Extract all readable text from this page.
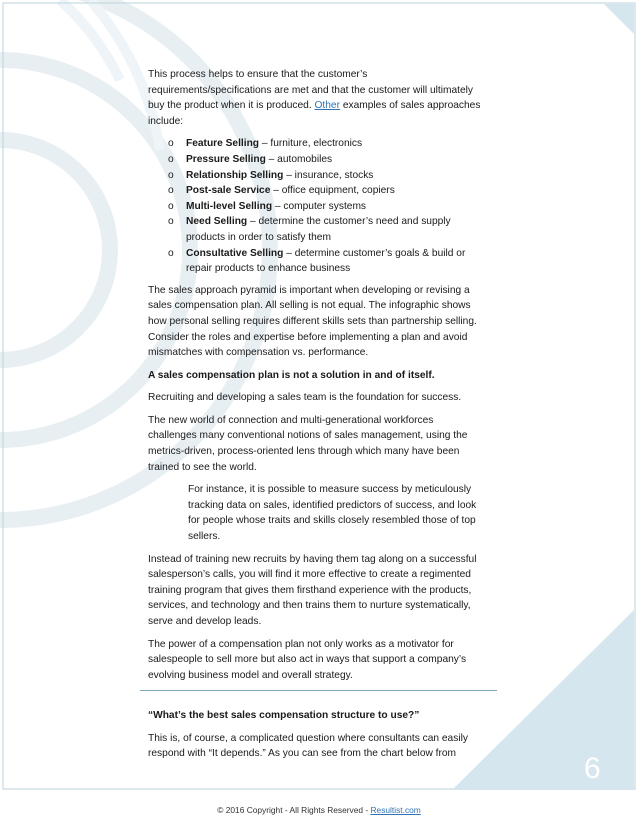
This process helps to ensure that the customer’s requirements/specifications are met and that the customer will ultimately buy the product when it is produced. Other examples of sales approaches include:

o Feature Selling – furniture, electronics
o Pressure Selling – automobiles
o Relationship Selling – insurance, stocks
o Post-sale Service – office equipment, copiers
o Multi-level Selling – computer systems
o Need Selling – determine the customer’s need and supply products in order to satisfy them
o Consultative Selling – determine customer’s goals & build or repair products to enhance business

The sales approach pyramid is important when developing or revising a sales compensation plan. All selling is not equal. The infographic shows how personal selling requires different skills sets than partnership selling. Consider the roles and expertise before implementing a plan and avoid mismatches with compensation vs. performance.

A sales compensation plan is not a solution in and of itself.

Recruiting and developing a sales team is the foundation for success.

The new world of connection and multi-generational workforces challenges many conventional notions of sales management, using the metrics-driven, process-oriented lens through which many have been trained to see the world.

For instance, it is possible to measure success by meticulously tracking data on sales, identified predictors of success, and look for people whose traits and skills closely resembled those of top sellers.

Instead of training new recruits by having them tag along on a successful salesperson’s calls, you will find it more effective to create a regimented training program that gives them firsthand experience with the products, services, and technology and then trains them to nurture systematically, serve and develop leads.

The power of a compensation plan not only works as a motivator for salespeople to sell more but also act in ways that support a company’s evolving business model and overall strategy.

“What’s the best sales compensation structure to use?”

This is, of course, a complicated question where consultants can easily respond with “It depends.” As you can see from the chart below from	6
© 2016 Copyright - All Rights Reserved - Resultist.com
